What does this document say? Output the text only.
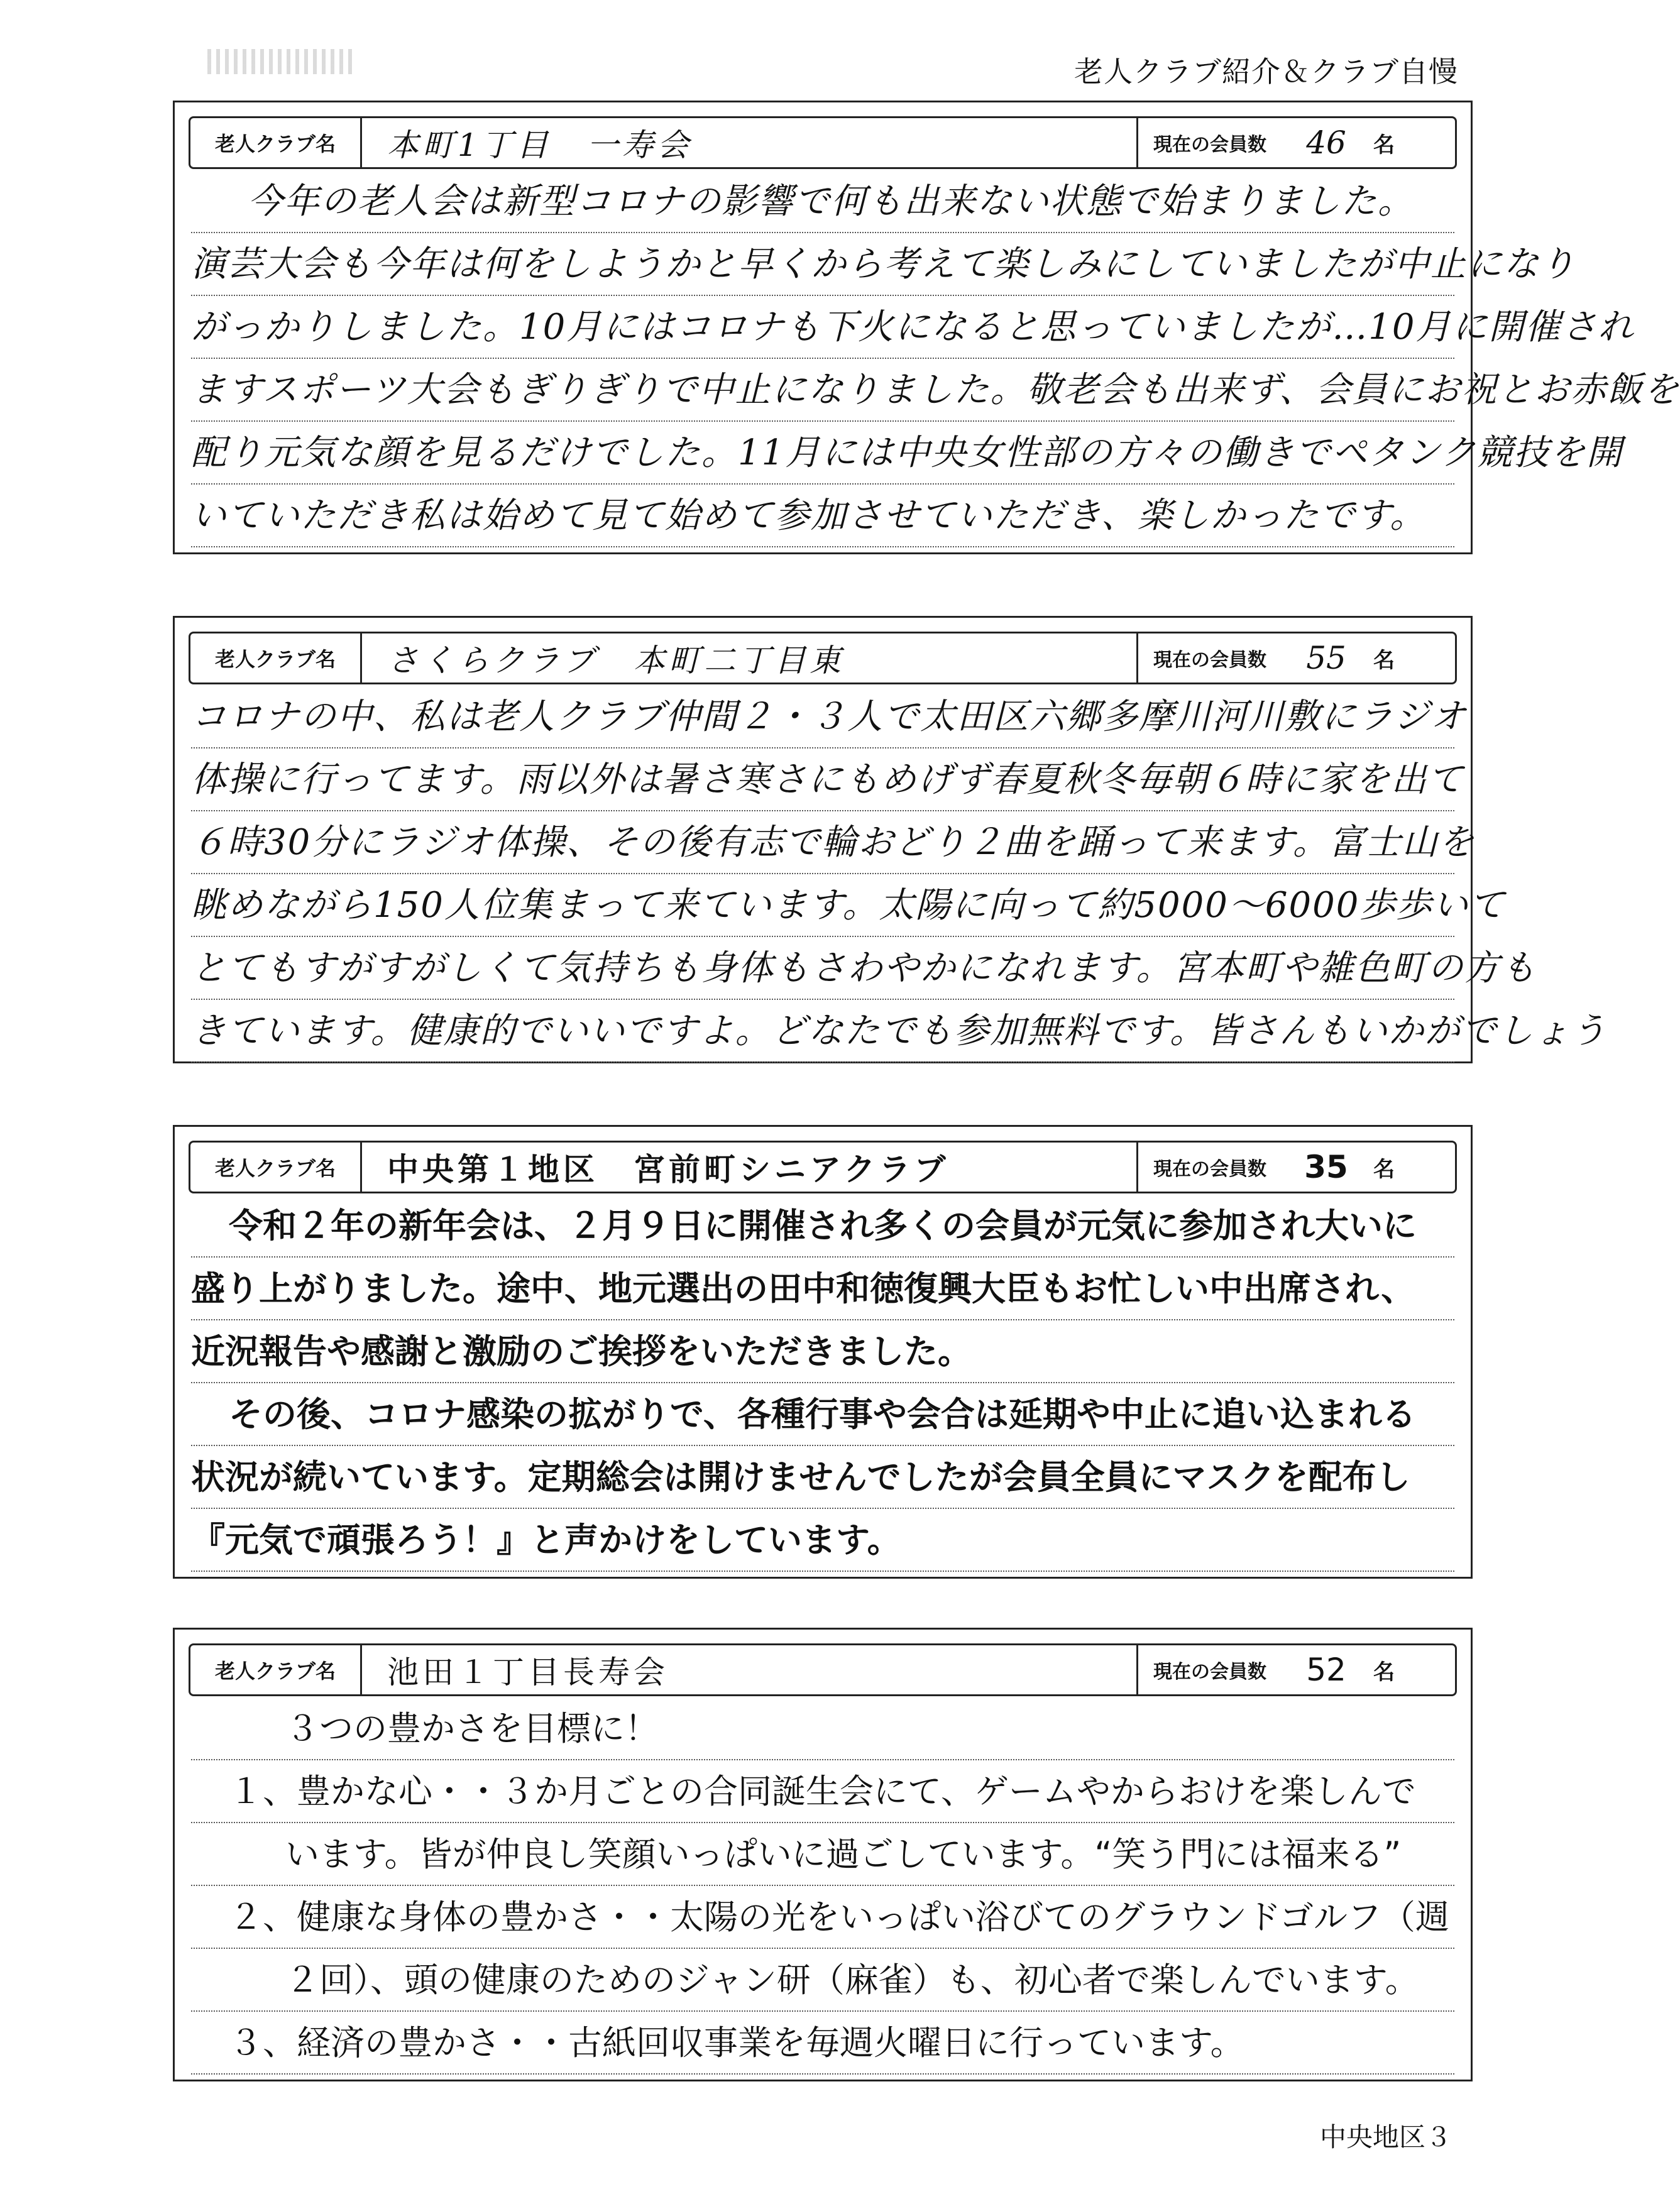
老人クラブ紹介＆クラブ自慢
老人クラブ名	本町1丁目　一寿会	現在の会員数	46	名
今年の老人会は新型コロナの影響で何も出来ない状態で始まりました。
演芸大会も今年は何をしようかと早くから考えて楽しみにしていましたが中止になり
がっかりしました。10月にはコロナも下火になると思っていましたが…10月に開催され
ますスポーツ大会もぎりぎりで中止になりました。敬老会も出来ず、会員にお祝とお赤飯を
配り元気な顔を見るだけでした。11月には中央女性部の方々の働きでペタンク競技を開
いていただき私は始めて見て始めて参加させていただき、楽しかったです。
老人クラブ名	さくらクラブ　本町二丁目東	現在の会員数	55	名
コロナの中、私は老人クラブ仲間２・３人で太田区六郷多摩川河川敷にラジオ
体操に行ってます。雨以外は暑さ寒さにもめげず春夏秋冬毎朝６時に家を出て
６時30分にラジオ体操、その後有志で輪おどり２曲を踊って来ます。富士山を
眺めながら150人位集まって来ています。太陽に向って約5000〜6000歩歩いて
とてもすがすがしくて気持ちも身体もさわやかになれます。宮本町や雑色町の方も
きています。健康的でいいですよ。どなたでも参加無料です。皆さんもいかがでしょう
老人クラブ名	中央第１地区　宮前町シニアクラブ	現在の会員数	35	名
令和２年の新年会は、２月９日に開催され多くの会員が元気に参加され大いに
盛り上がりました。途中、地元選出の田中和徳復興大臣もお忙しい中出席され、
近況報告や感謝と激励のご挨拶をいただきました。
その後、コロナ感染の拡がりで、各種行事や会合は延期や中止に追い込まれる
状況が続いています。定期総会は開けませんでしたが会員全員にマスクを配布し
『元気で頑張ろう！』と声かけをしています。
老人クラブ名	池田１丁目長寿会	現在の会員数	52	名
３つの豊かさを目標に！
１、豊かな心・・３か月ごとの合同誕生会にて、ゲームやからおけを楽しんで
います。皆が仲良し笑顔いっぱいに過ごしています。“笑う門には福来る”
２、健康な身体の豊かさ・・太陽の光をいっぱい浴びてのグラウンドゴルフ（週
２回）、頭の健康のためのジャン研（麻雀）も、初心者で楽しんでいます。
３、経済の豊かさ・・古紙回収事業を毎週火曜日に行っています。
中央地区３
